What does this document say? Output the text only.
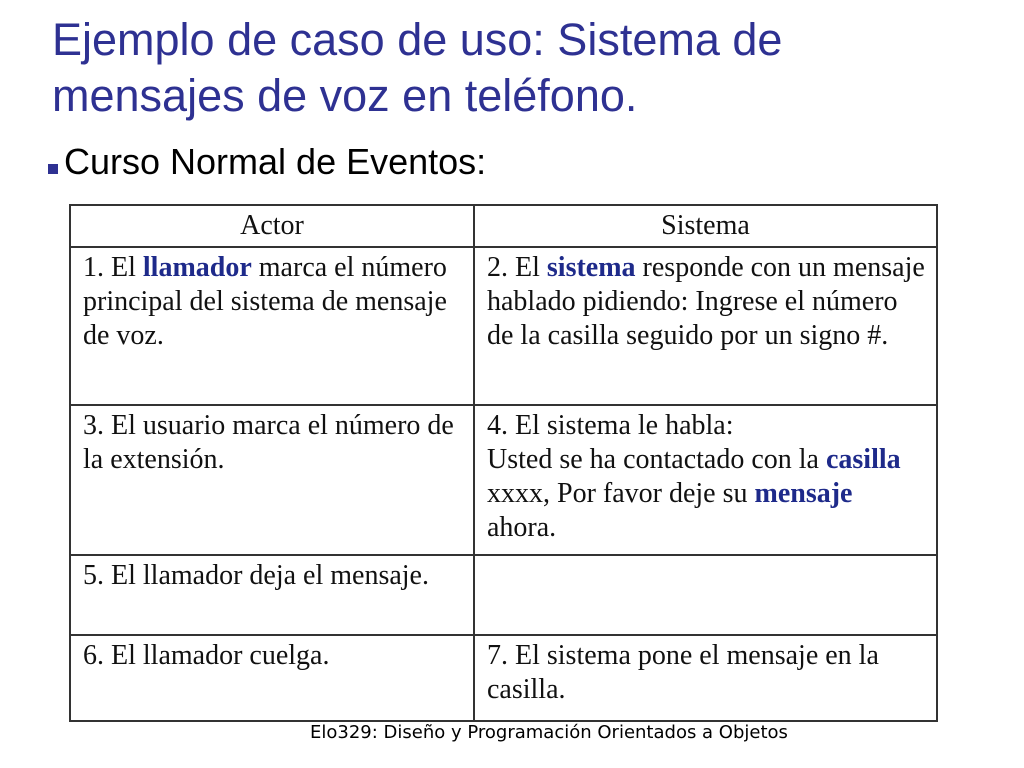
Ejemplo de caso de uso: Sistema de
mensajes de voz en teléfono.
Curso Normal de Eventos:
Actor	Sistema

1. El llamador marca el número principal del sistema de mensaje de voz.	2. El sistema responde con un mensaje hablado pidiendo: Ingrese el número de la casilla seguido por un signo #.

3. El usuario marca el número de la extensión.	4. El sistema le habla:
Usted se ha contactado con la casilla xxxx, Por favor deje su mensaje ahora.

5. El llamador deja el mensaje.	

6. El llamador cuelga.	7. El sistema pone el mensaje en la casilla.
Elo329: Diseño y Programación Orientados a Objetos
